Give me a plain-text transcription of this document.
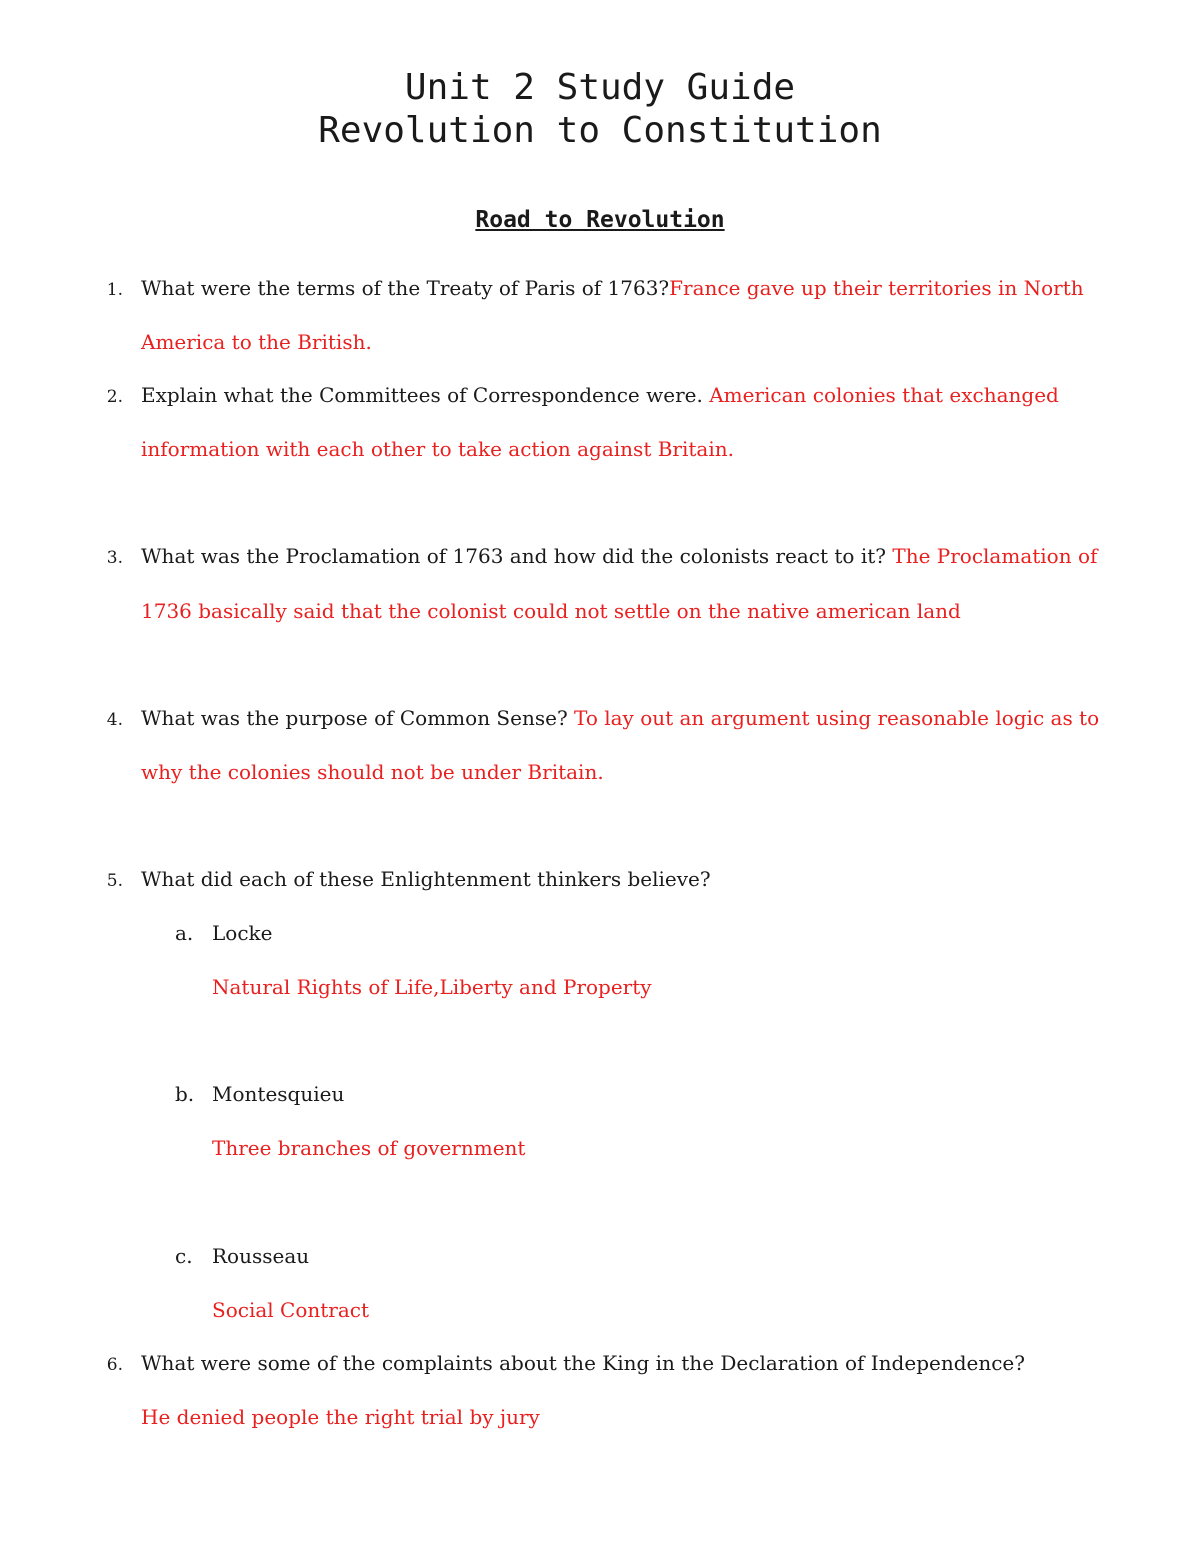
Unit 2 Study Guide
Revolution to Constitution
Road to Revolution
1. What were the terms of the Treaty of Paris of 1763?France gave up their territories in North
America to the British.
2. Explain what the Committees of Correspondence were. American colonies that exchanged
information with each other to take action against Britain.
3. What was the Proclamation of 1763 and how did the colonists react to it? The Proclamation of
1736 basically said that the colonist could not settle on the native american land
4. What was the purpose of Common Sense? To lay out an argument using reasonable logic as to
why the colonies should not be under Britain.
5. What did each of these Enlightenment thinkers believe?
a. Locke
Natural Rights of Life,Liberty and Property
b. Montesquieu
Three branches of government
c. Rousseau
Social Contract
6. What were some of the complaints about the King in the Declaration of Independence?
He denied people the right trial by jury
